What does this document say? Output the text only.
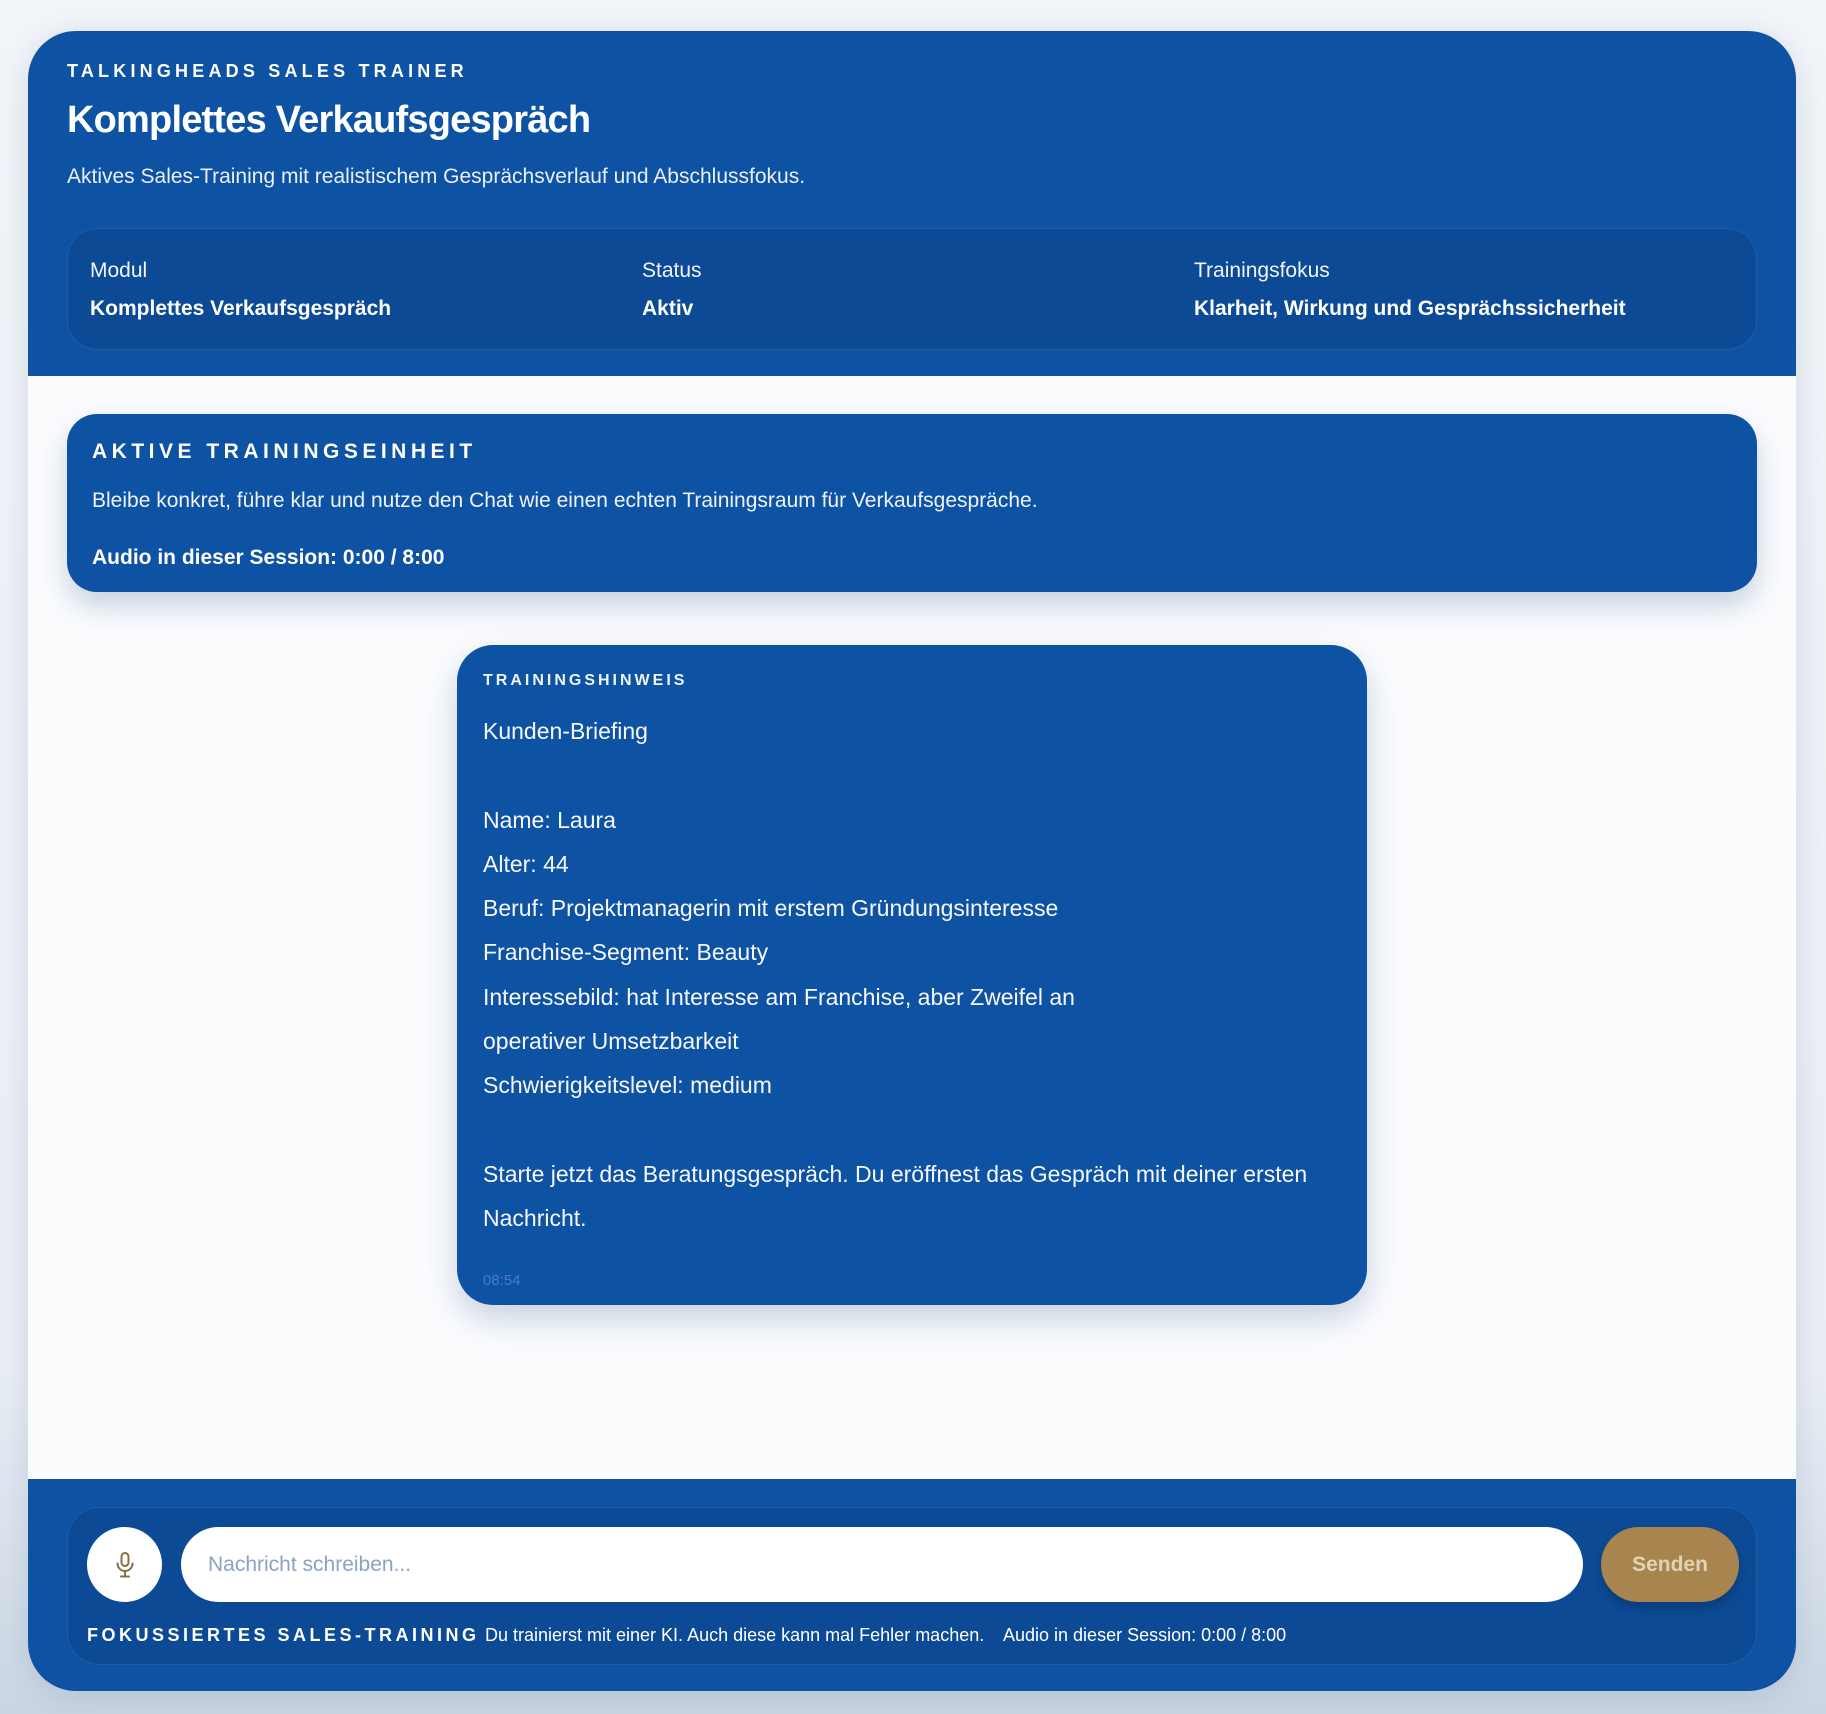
TALKINGHEADS SALES TRAINER
Komplettes Verkaufsgespräch
Aktives Sales-Training mit realistischem Gesprächsverlauf und Abschlussfokus.
Modul
Komplettes Verkaufsgespräch
Status
Aktiv
Trainingsfokus
Klarheit, Wirkung und Gesprächssicherheit
AKTIVE TRAININGSEINHEIT
Bleibe konkret, führe klar und nutze den Chat wie einen echten Trainingsraum für Verkaufsgespräche.
Audio in dieser Session: 0:00 / 8:00
TRAININGSHINWEIS
Kunden-Briefing
Name: Laura
Alter: 44
Beruf: Projektmanagerin mit erstem Gründungsinteresse
Franchise-Segment: Beauty
Interessebild: hat Interesse am Franchise, aber Zweifel an operativer Umsetzbarkeit
Schwierigkeitslevel: medium
Starte jetzt das Beratungsgespräch. Du eröffnest das Gespräch mit deiner ersten Nachricht.
08:54
Nachricht schreiben...
Senden
FOKUSSIERTES SALES-TRAINING Du trainierst mit einer KI. Auch diese kann mal Fehler machen. Audio in dieser Session: 0:00 / 8:00
